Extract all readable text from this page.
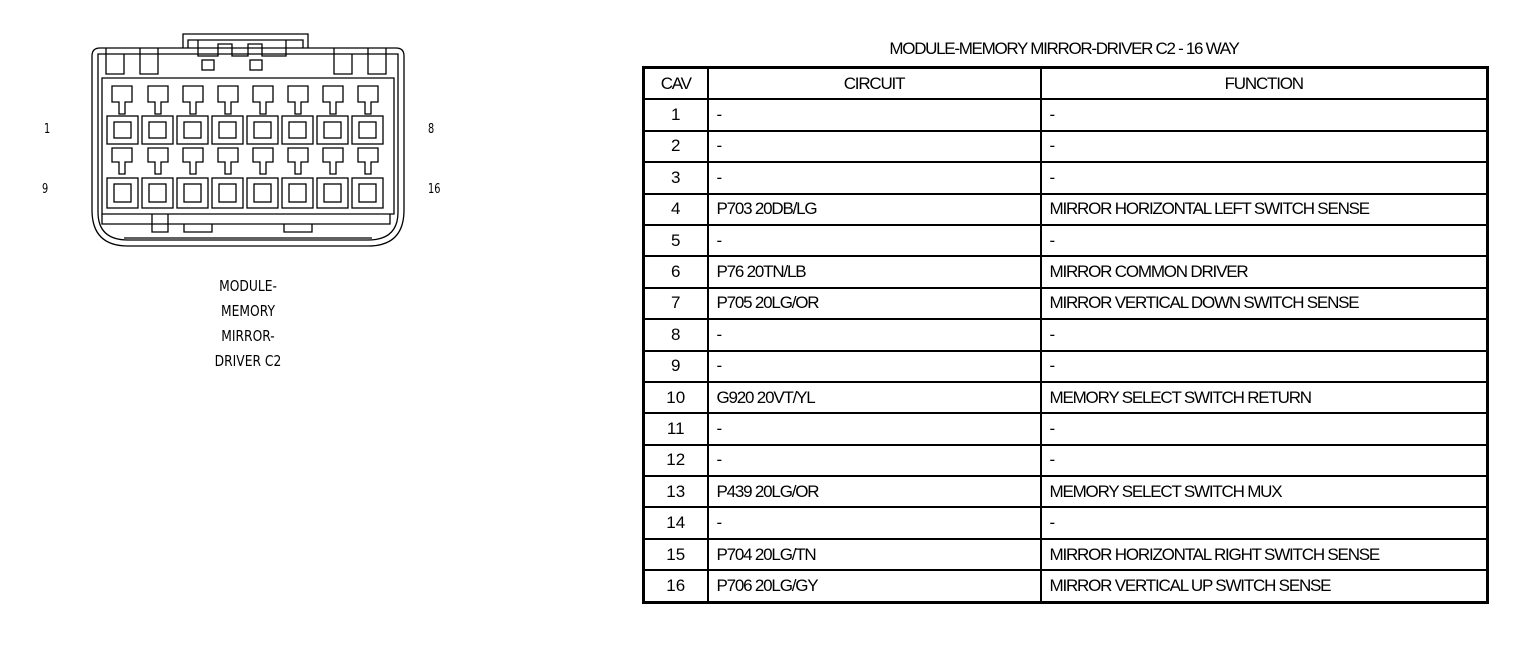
1	8
9	16
MODULE-
MEMORY
MIRROR-
DRIVER C2
MODULE-MEMORY MIRROR-DRIVER C2 - 16 WAY
CAV	CIRCUIT	FUNCTION
1	-	-
2	-	-
3	-	-
4	P703 20DB/LG	MIRROR HORIZONTAL LEFT SWITCH SENSE
5	-	-
6	P76 20TN/LB	MIRROR COMMON DRIVER
7	P705 20LG/OR	MIRROR VERTICAL DOWN SWITCH SENSE
8	-	-
9	-	-
10	G920 20VT/YL	MEMORY SELECT SWITCH RETURN
11	-	-
12	-	-
13	P439 20LG/OR	MEMORY SELECT SWITCH MUX
14	-	-
15	P704 20LG/TN	MIRROR HORIZONTAL RIGHT SWITCH SENSE
16	P706 20LG/GY	MIRROR VERTICAL UP SWITCH SENSE
